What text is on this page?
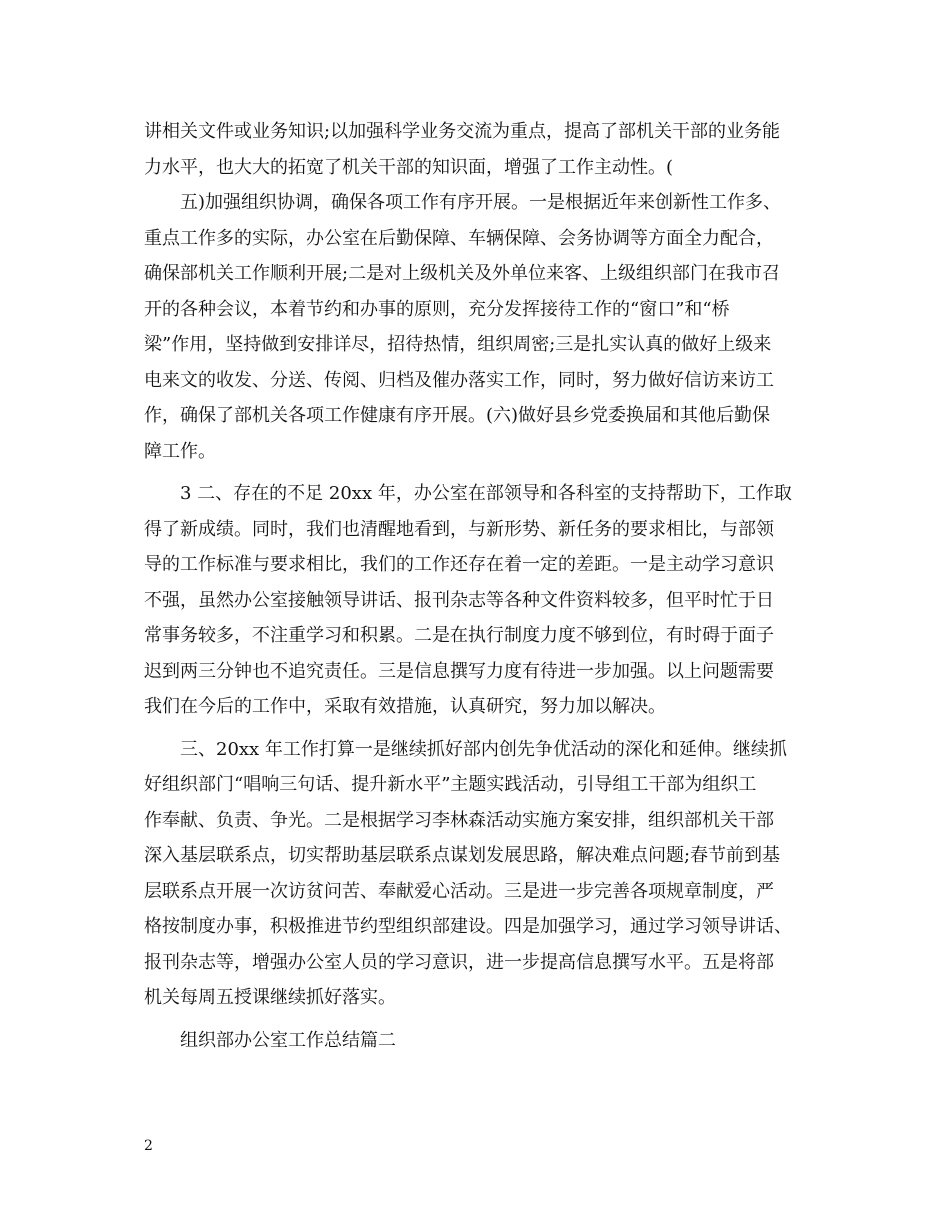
讲相关文件或业务知识;以加强科学业务交流为重点，提高了部机关干部的业务能
力水平，也大大的拓宽了机关干部的知识面，增强了工作主动性。(
五)加强组织协调，确保各项工作有序开展。一是根据近年来创新性工作多、
重点工作多的实际，办公室在后勤保障、车辆保障、会务协调等方面全力配合，
确保部机关工作顺利开展;二是对上级机关及外单位来客、上级组织部门在我市召
开的各种会议，本着节约和办事的原则，充分发挥接待工作的“窗口”和“桥
梁”作用，坚持做到安排详尽，招待热情，组织周密;三是扎实认真的做好上级来
电来文的收发、分送、传阅、归档及催办落实工作，同时，努力做好信访来访工
作，确保了部机关各项工作健康有序开展。(六)做好县乡党委换届和其他后勤保
障工作。
3 二、存在的不足 20xx 年，办公室在部领导和各科室的支持帮助下，工作取
得了新成绩。同时，我们也清醒地看到，与新形势、新任务的要求相比，与部领
导的工作标准与要求相比，我们的工作还存在着一定的差距。一是主动学习意识
不强，虽然办公室接触领导讲话、报刊杂志等各种文件资料较多，但平时忙于日
常事务较多，不注重学习和积累。二是在执行制度力度不够到位，有时碍于面子
迟到两三分钟也不追究责任。三是信息撰写力度有待进一步加强。以上问题需要
我们在今后的工作中，采取有效措施，认真研究，努力加以解决。
三、20xx 年工作打算一是继续抓好部内创先争优活动的深化和延伸。继续抓
好组织部门“唱响三句话、提升新水平”主题实践活动，引导组工干部为组织工
作奉献、负责、争光。二是根据学习李林森活动实施方案安排，组织部机关干部
深入基层联系点，切实帮助基层联系点谋划发展思路，解决难点问题;春节前到基
层联系点开展一次访贫问苦、奉献爱心活动。三是进一步完善各项规章制度，严
格按制度办事，积极推进节约型组织部建设。四是加强学习，通过学习领导讲话、
报刊杂志等，增强办公室人员的学习意识，进一步提高信息撰写水平。五是将部
机关每周五授课继续抓好落实。
组织部办公室工作总结篇二
2
